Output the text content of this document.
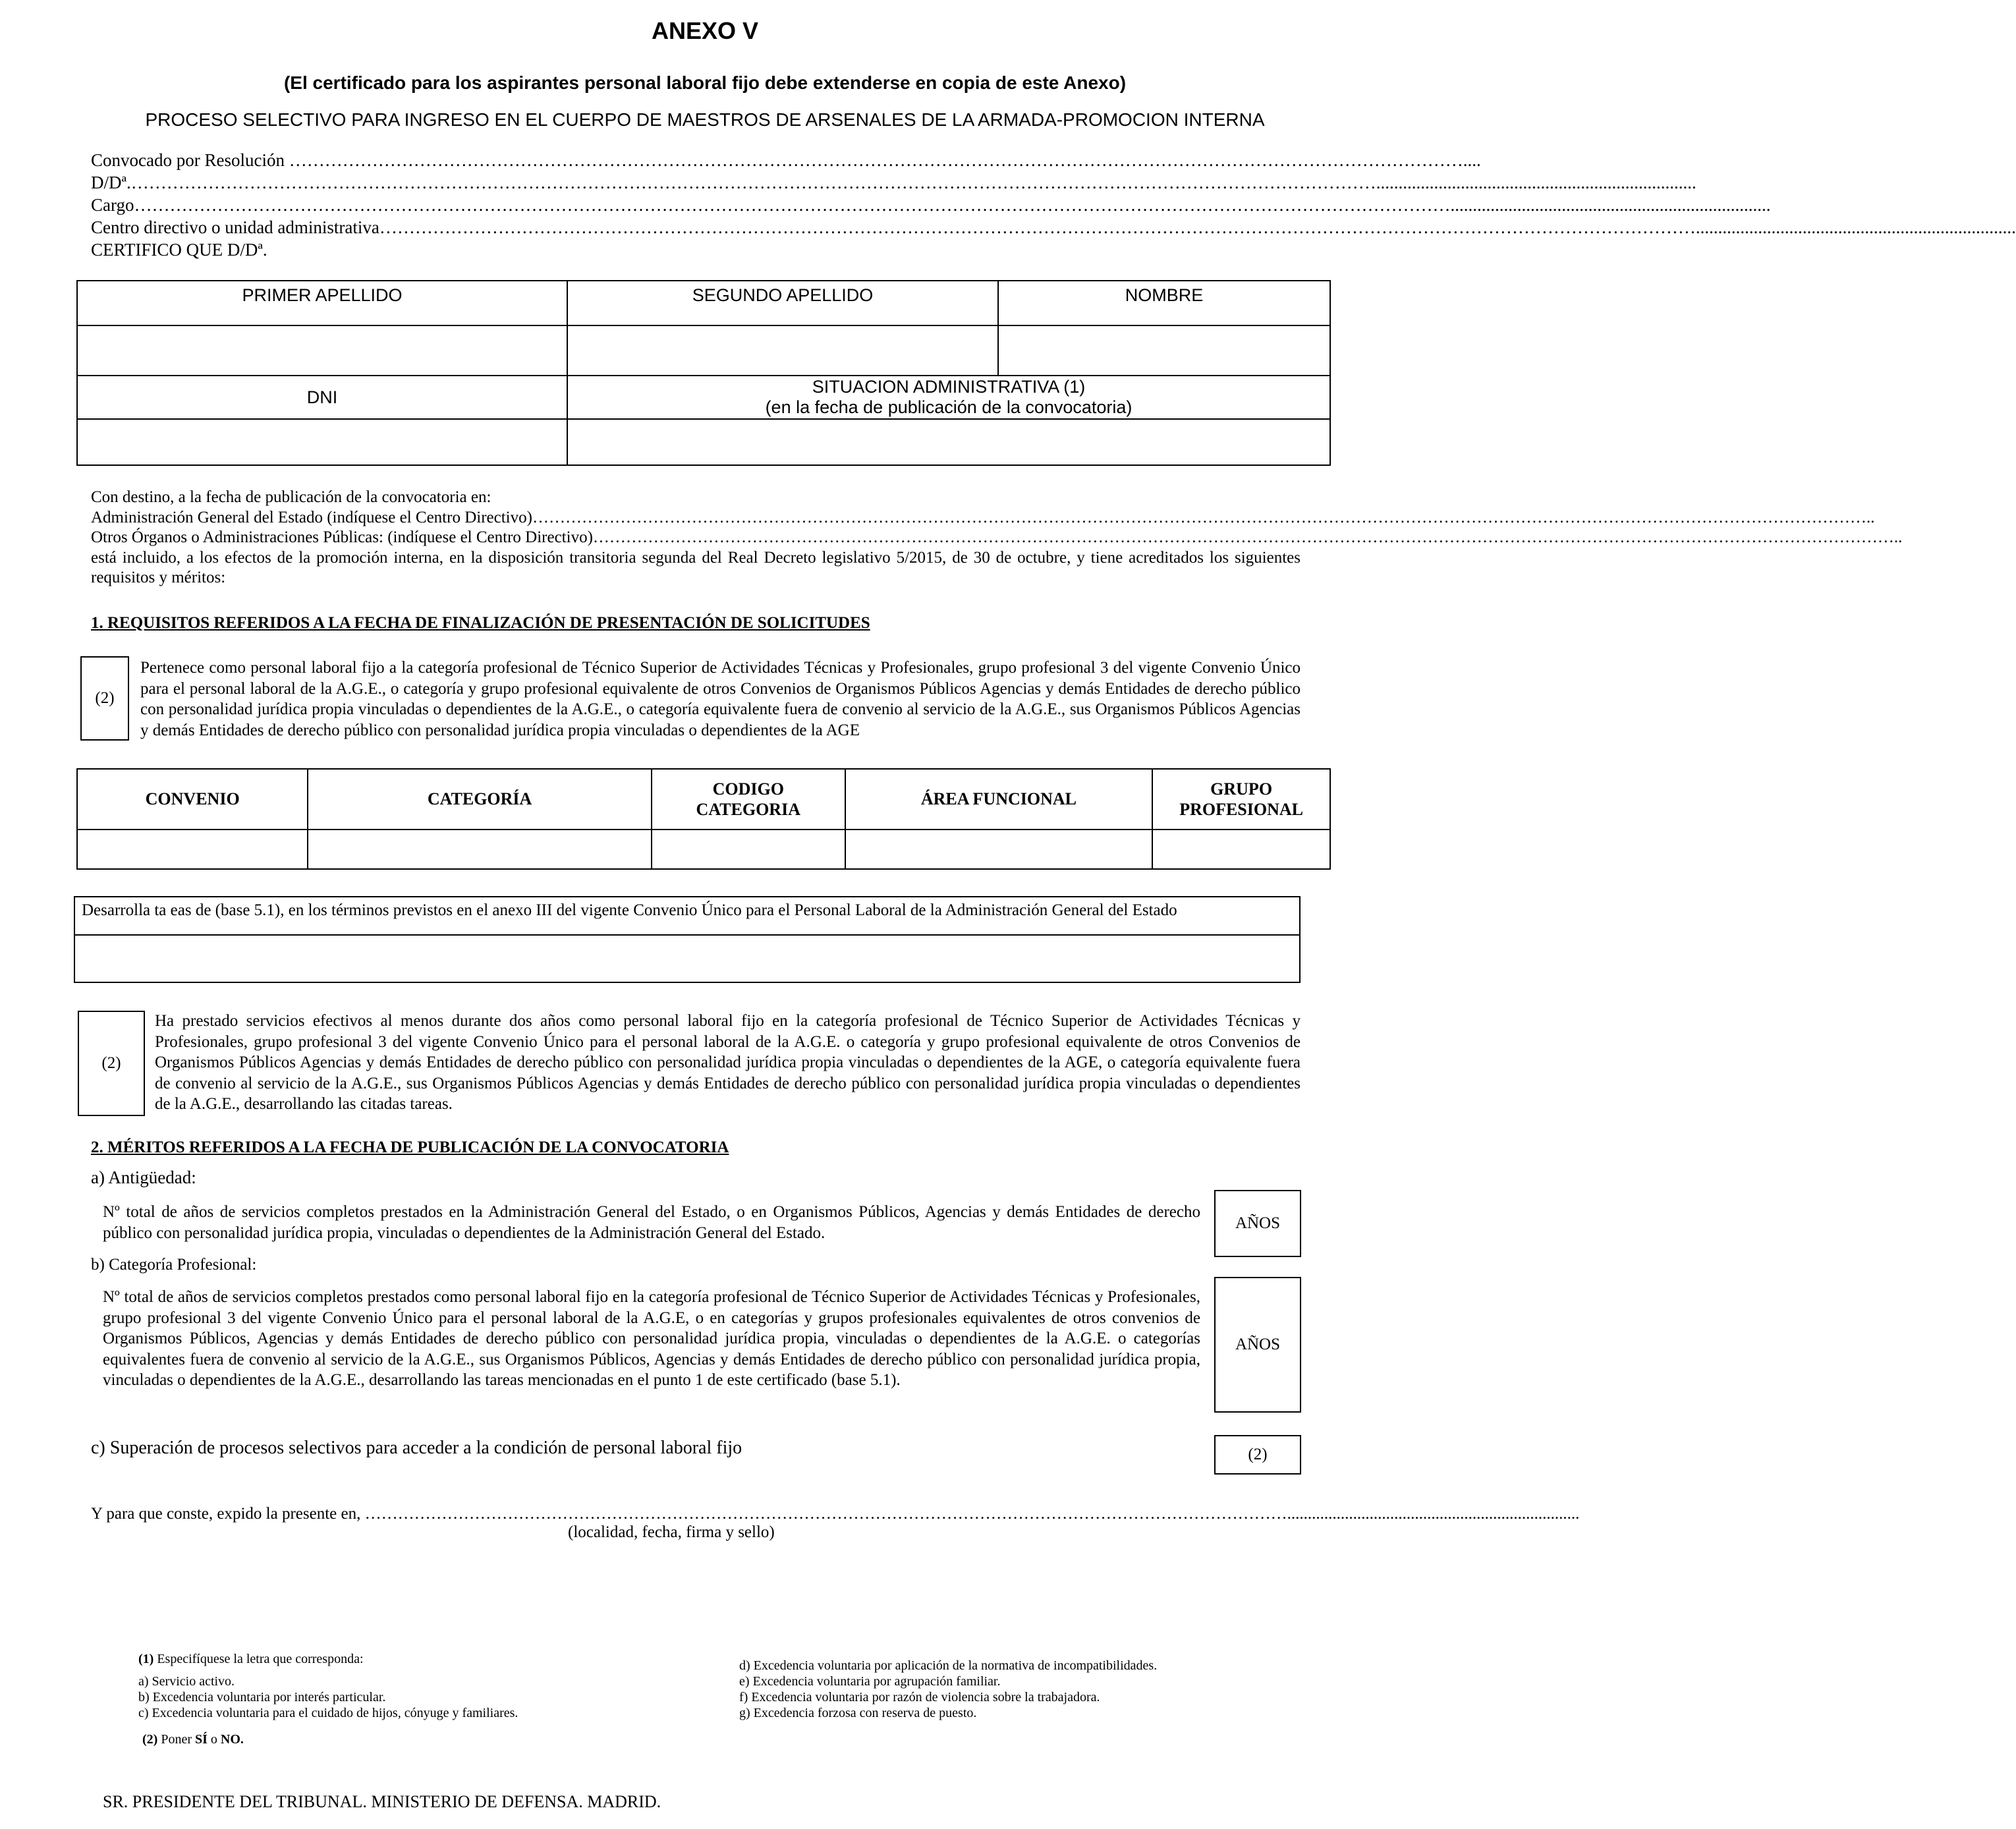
ANEXO V
(El certificado para los aspirantes personal laboral fijo debe extenderse en copia de este Anexo)
PROCESO SELECTIVO PARA INGRESO EN EL CUERPO DE MAESTROS DE ARSENALES DE LA ARMADA-PROMOCION INTERNA
Convocado por Resolución ………………………………………………………………………………………………………………………………………………………………………………....
D/Dª.…………………………………………………………………………………………………………………………………………………………………………………………........................................................................
Cargo……………………………………………………………………………………………………………………………………………………………………………………………………........................................................................
Centro directivo o unidad administrativa……………………………………………………………………………………………………………………………………………………………………………………………………........................................................................
CERTIFICO QUE D/Dª.
PRIMER APELLIDO	SEGUNDO APELLIDO	NOMBRE

DNI	SITUACION ADMINISTRATIVA (1)
(en la fecha de publicación de la convocatoria)	

Con destino, a la fecha de publicación de la convocatoria en:
Administración General del Estado (indíquese el Centro Directivo)………………………………………………………………………………………………………………………………………………………………………………………………………………………..
Otros Órganos o Administraciones Públicas: (indíquese el Centro Directivo)…………………………………………………………………………………………………………………………………………………………………………………………………………………..
está incluido, a los efectos de la promoción interna, en la disposición transitoria segunda del Real Decreto legislativo 5/2015, de 30 de octubre, y tiene acreditados los siguientes requisitos y méritos:
1. REQUISITOS REFERIDOS A LA FECHA DE FINALIZACIÓN DE PRESENTACIÓN DE SOLICITUDES
(2)
Pertenece como personal laboral fijo a la categoría profesional de Técnico Superior de Actividades Técnicas y Profesionales, grupo profesional 3 del vigente Convenio Único para el personal laboral de la A.G.E., o categoría y grupo profesional equivalente de otros Convenios de Organismos Públicos Agencias y demás Entidades de derecho público con personalidad jurídica propia vinculadas o dependientes de la A.G.E., o categoría equivalente fuera de convenio al servicio de la A.G.E., sus Organismos Públicos Agencias y demás Entidades de derecho público con personalidad jurídica propia vinculadas o dependientes de la AGE
CONVENIO	CATEGORÍA	CODIGO CATEGORIA	ÁREA FUNCIONAL	GRUPO PROFESIONAL

Desarrolla ta eas de (base 5.1), en los términos previstos en el anexo III del vigente Convenio Único para el Personal Laboral de la Administración General del Estado

(2)
Ha prestado servicios efectivos al menos durante dos años como personal laboral fijo en la categoría profesional de Técnico Superior de Actividades Técnicas y Profesionales, grupo profesional 3 del vigente Convenio Único para el personal laboral de la A.G.E. o categoría y grupo profesional equivalente de otros Convenios de Organismos Públicos Agencias y demás Entidades de derecho público con personalidad jurídica propia vinculadas o dependientes de la AGE, o categoría equivalente fuera de convenio al servicio de la A.G.E., sus Organismos Públicos Agencias y demás Entidades de derecho público con personalidad jurídica propia vinculadas o dependientes de la A.G.E., desarrollando las citadas tareas.
2. MÉRITOS REFERIDOS A LA FECHA DE PUBLICACIÓN DE LA CONVOCATORIA
a) Antigüedad:
Nº total de años de servicios completos prestados en la Administración General del Estado, o en Organismos Públicos, Agencias y demás Entidades de derecho público con personalidad jurídica propia, vinculadas o dependientes de la Administración General del Estado.
AÑOS
b) Categoría Profesional:
Nº total de años de servicios completos prestados como personal laboral fijo en la categoría profesional de Técnico Superior de Actividades Técnicas y Profesionales, grupo profesional 3 del vigente Convenio Único para el personal laboral de la A.G.E, o en categorías y grupos profesionales equivalentes de otros convenios de Organismos Públicos, Agencias y demás Entidades de derecho público con personalidad jurídica propia, vinculadas o dependientes de la A.G.E. o categorías equivalentes fuera de convenio al servicio de la A.G.E., sus Organismos Públicos, Agencias y demás Entidades de derecho público con personalidad jurídica propia, vinculadas o dependientes de la A.G.E., desarrollando las tareas mencionadas en el punto 1 de este certificado (base 5.1).
AÑOS
c) Superación de procesos selectivos para acceder a la condición de personal laboral fijo	(2)
Y para que conste, expido la presente en, …………………………………………………………………………………………………………………………………………………….......................................................................
(localidad, fecha, firma y sello)
(1) Especifíquese la letra que corresponda:
a) Servicio activo.
b) Excedencia voluntaria por interés particular.
c) Excedencia voluntaria para el cuidado de hijos, cónyuge y familiares.
(2) Poner SÍ o NO.
d) Excedencia voluntaria por aplicación de la normativa de incompatibilidades.
e) Excedencia voluntaria por agrupación familiar.
f) Excedencia voluntaria por razón de violencia sobre la trabajadora.
g) Excedencia forzosa con reserva de puesto.
SR. PRESIDENTE DEL TRIBUNAL. MINISTERIO DE DEFENSA. MADRID.
